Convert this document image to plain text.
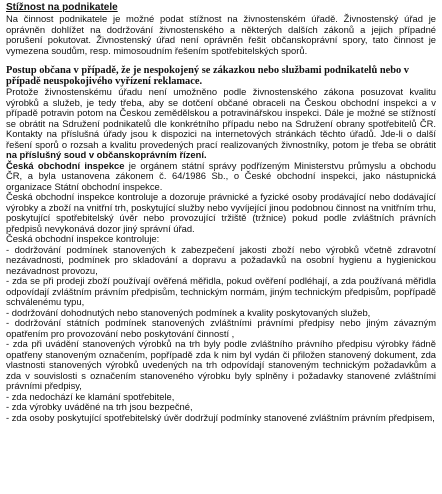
Stížnost na podnikatele

Na činnost podnikatele je možné podat stížnost na živnostenském úřadě. Živnostenský úřad je oprávněn dohlížet na dodržování živnostenského a některých dalších zákonů a jejich případné porušení pokutovat. Živnostenský úřad není oprávněn řešit občanskoprávní spory, tato činnost je vymezena soudům, resp. mimosoudním řešením spotřebitelských sporů.

Postup občana v případě, že je nespokojený se zákazkou nebo službami podnikatelů nebo v případě neuspokojivého vyřízení reklamace.

Protože živnostenskému úřadu není umožněno podle živnostenského zákona posuzovat kvalitu výrobků a služeb, je tedy třeba, aby se dotčení občané obraceli na Českou obchodní inspekci a v případě potravin potom na Českou zemědělskou a potravinářskou inspekci. Dále je možné se stížností se obrátit na Sdružení podnikatelů dle konkrétního případu nebo na Sdružení obrany spotřebitelů ČR. Kontakty na příslušná úřady jsou k dispozici na internetových stránkách těchto úřadů. Jde-li o další řešení sporů o rozsah a kvalitu provedených prací realizovaných živnostníky, potom je třeba se obrátit na příslušný soud v občanskoprávním řízení.

Česká obchodní inspekce je orgánem státní správy podřízeným Ministerstvu průmyslu a obchodu ČR, a byla ustanovena zákonem č. 64/1986 Sb., o České obchodní inspekci, jako nástupnická organizace Státní obchodní inspekce.

Česká obchodní inspekce kontroluje a dozoruje právnické a fyzické osoby prodávající nebo dodávající výrobky a zboží na vnitřní trh, poskytující služby nebo vyvíjející jinou podobnou činnost na vnitřním trhu, poskytující spotřebitelský úvěr nebo provozující tržiště (tržnice) pokud podle zvláštních právních předpisů nevykonává dozor jiný správní úřad.

Česká obchodní inspekce kontroluje:

- dodržování podmínek stanovených k zabezpečení jakosti zboží nebo výrobků včetně zdravotní nezávadnosti, podmínek pro skladování a dopravu a požadavků na osobní hygienu a hygienickou nezávadnost provozu,
- zda se při prodeji zboží používají ověřená měřidla, pokud ověření podléhají, a zda používaná měřidla odpovídají zvláštním právním předpisům, technickým normám, jiným technickým předpisům, popřípadě schválenému typu,
- dodržování dohodnutých nebo stanovených podmínek a kvality poskytovaných služeb,
- dodržování státních podmínek stanovených zvláštními právními předpisy nebo jiným závazným opatřením pro provozování nebo poskytování činností ,
- zda při uvádění stanovených výrobků na trh byly podle zvláštního právního předpisu výrobky řádně opatřeny stanoveným označením, popřípadě zda k nim byl vydán či přiložen stanovený dokument, zda vlastnosti stanovených výrobků uvedených na trh odpovídají stanoveným technickým požadavkům a zda v souvislosti s označením stanoveného výrobku byly splněny i požadavky stanovené zvláštními právními předpisy,
- zda nedochází ke klamání spotřebitele,
- zda výrobky uváděné na trh jsou bezpečné,
- zda osoby poskytující spotřebitelský úvěr dodržují podmínky stanovené zvláštním právním předpisem,
